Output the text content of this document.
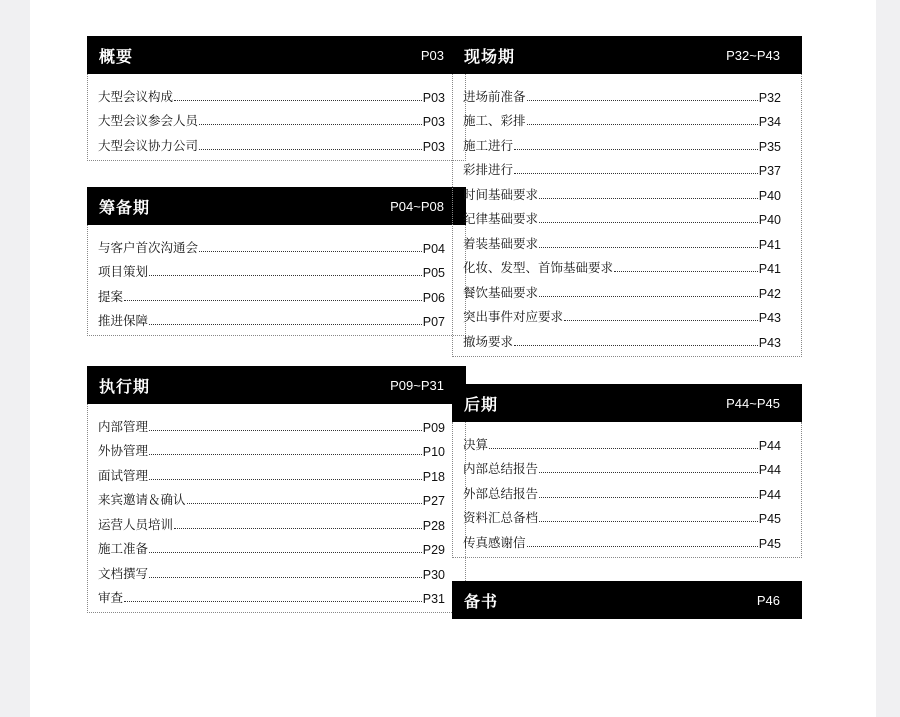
概要	P03
大型会议构成	P03
大型会议参会人员	P03
大型会议协力公司	P03
筹备期	P04~P08
与客户首次沟通会	P04
项目策划	P05
提案	P06
推进保障	P07
执行期	P09~P31
内部管理	P09
外协管理	P10
面试管理	P18
来宾邀请＆确认	P27
运营人员培训	P28
施工准备	P29
文档撰写	P30
审查	P31
现场期	P32~P43
进场前准备	P32
施工、彩排	P34
施工进行	P35
彩排进行	P37
时间基础要求	P40
纪律基础要求	P40
着装基础要求	P41
化妆、发型、首饰基础要求	P41
餐饮基础要求	P42
突出事件对应要求	P43
撤场要求	P43
后期	P44~P45
决算	P44
内部总结报告	P44
外部总结报告	P44
资料汇总备档	P45
传真感谢信	P45
备书	P46
